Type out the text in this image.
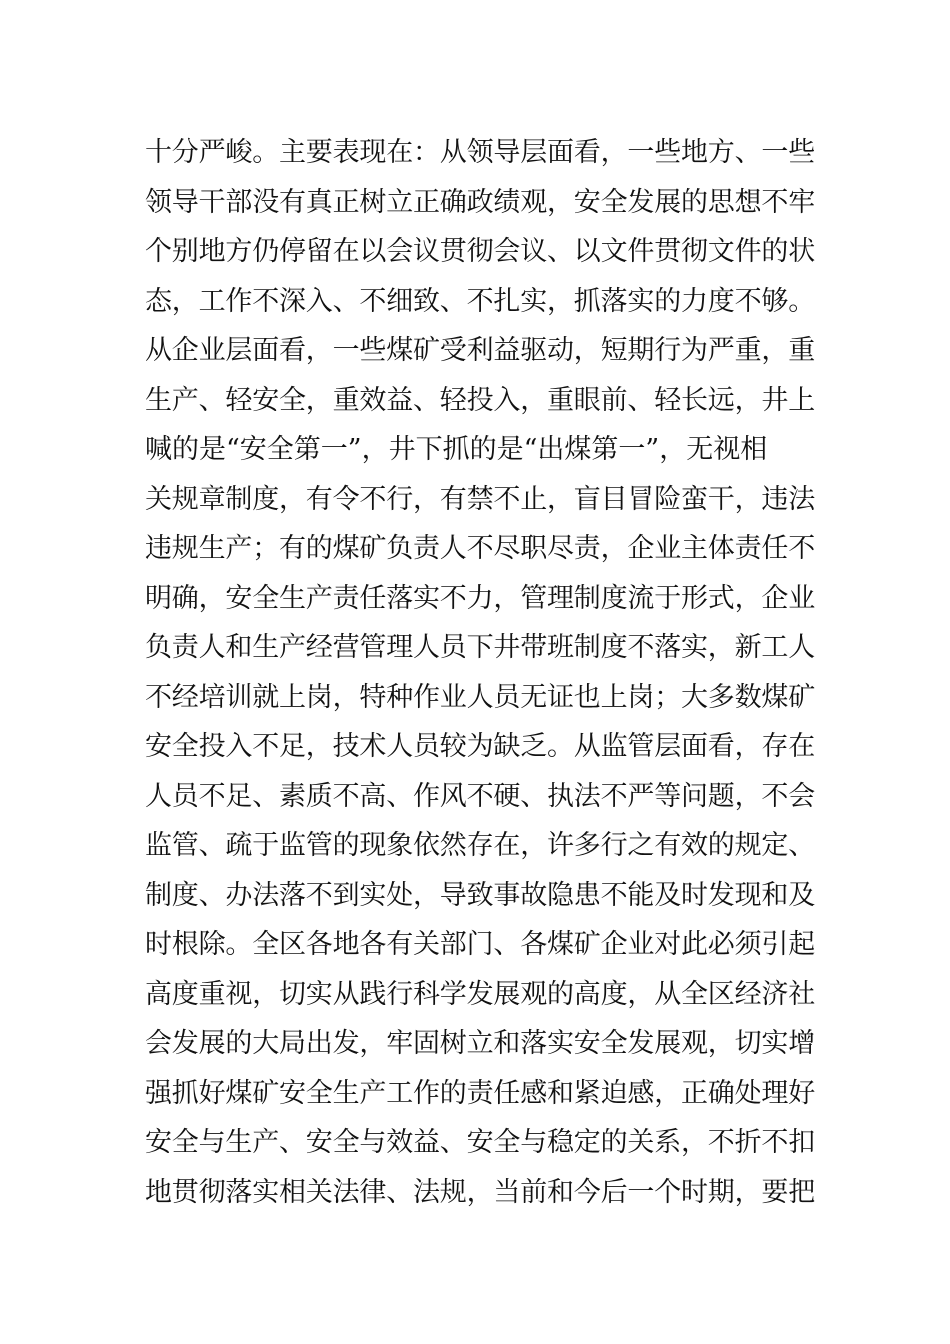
十分严峻。主要表现在：从领导层面看，一些地方、一些
领导干部没有真正树立正确政绩观，安全发展的思想不牢
个别地方仍停留在以会议贯彻会议、以文件贯彻文件的状
态，工作不深入、不细致、不扎实，抓落实的力度不够。
从企业层面看，一些煤矿受利益驱动，短期行为严重，重
生产、轻安全，重效益、轻投入，重眼前、轻长远，井上
喊的是“安全第一”，井下抓的是“出煤第一”，无视相
关规章制度，有令不行，有禁不止，盲目冒险蛮干，违法
违规生产；有的煤矿负责人不尽职尽责，企业主体责任不
明确，安全生产责任落实不力，管理制度流于形式，企业
负责人和生产经营管理人员下井带班制度不落实，新工人
不经培训就上岗，特种作业人员无证也上岗；大多数煤矿
安全投入不足，技术人员较为缺乏。从监管层面看，存在
人员不足、素质不高、作风不硬、执法不严等问题，不会
监管、疏于监管的现象依然存在，许多行之有效的规定、
制度、办法落不到实处，导致事故隐患不能及时发现和及
时根除。全区各地各有关部门、各煤矿企业对此必须引起
高度重视，切实从践行科学发展观的高度，从全区经济社
会发展的大局出发，牢固树立和落实安全发展观，切实增
强抓好煤矿安全生产工作的责任感和紧迫感，正确处理好
安全与生产、安全与效益、安全与稳定的关系，不折不扣
地贯彻落实相关法律、法规，当前和今后一个时期，要把
